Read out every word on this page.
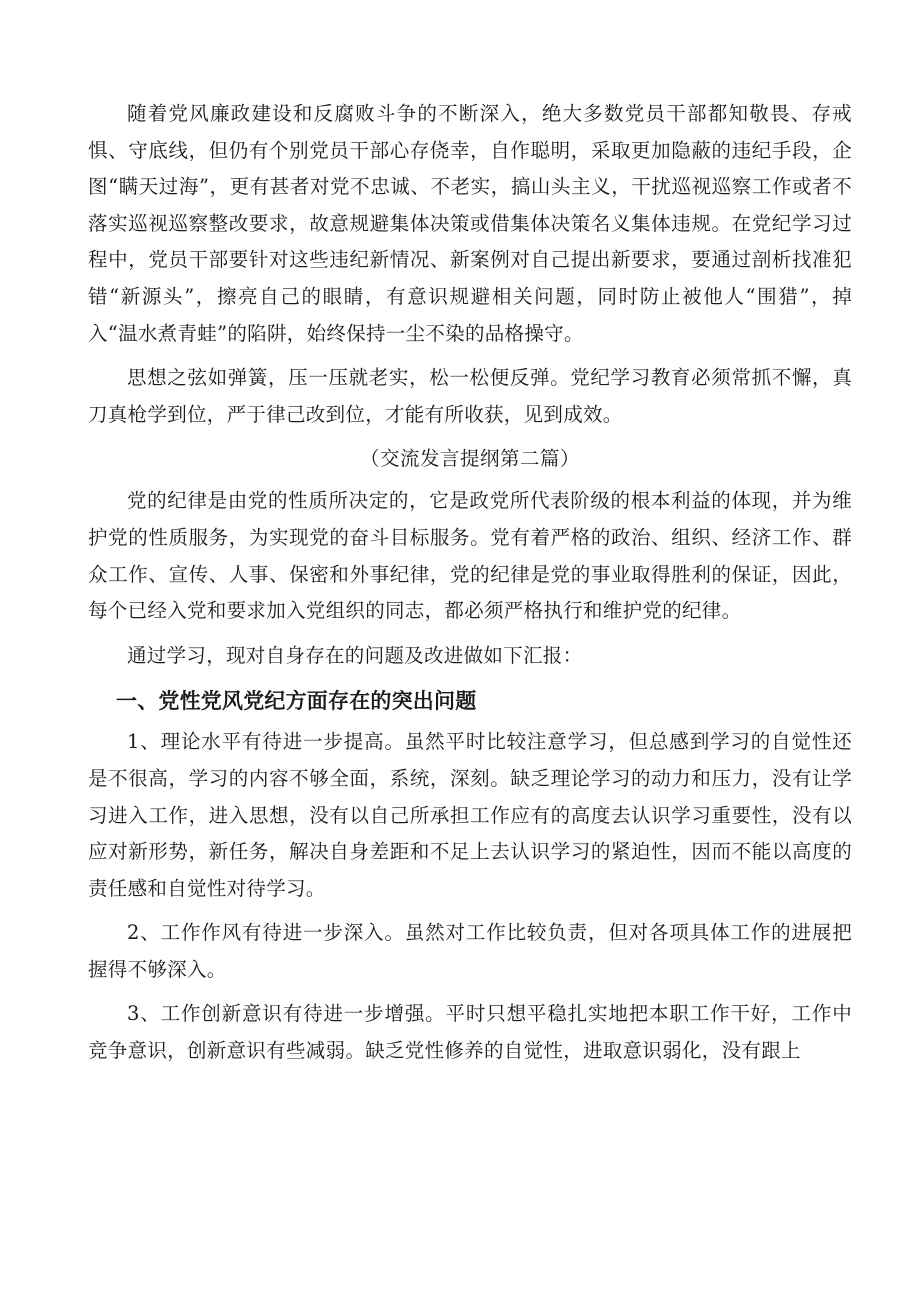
随着党风廉政建设和反腐败斗争的不断深入，绝大多数党员干部都知敬畏、存戒惧、守底线，但仍有个别党员干部心存侥幸，自作聪明，采取更加隐蔽的违纪手段，企图“瞒天过海”，更有甚者对党不忠诚、不老实，搞山头主义，干扰巡视巡察工作或者不落实巡视巡察整改要求，故意规避集体决策或借集体决策名义集体违规。在党纪学习过程中，党员干部要针对这些违纪新情况、新案例对自己提出新要求，要通过剖析找准犯错“新源头”，擦亮自己的眼睛，有意识规避相关问题，同时防止被他人“围猎”，掉入“温水煮青蛙”的陷阱，始终保持一尘不染的品格操守。

思想之弦如弹簧，压一压就老实，松一松便反弹。党纪学习教育必须常抓不懈，真刀真枪学到位，严于律己改到位，才能有所收获，见到成效。

（交流发言提纲第二篇）

党的纪律是由党的性质所决定的，它是政党所代表阶级的根本利益的体现，并为维护党的性质服务，为实现党的奋斗目标服务。党有着严格的政治、组织、经济工作、群众工作、宣传、人事、保密和外事纪律，党的纪律是党的事业取得胜利的保证，因此，每个已经入党和要求加入党组织的同志，都必须严格执行和维护党的纪律。

通过学习，现对自身存在的问题及改进做如下汇报：

一、党性党风党纪方面存在的突出问题

1、理论水平有待进一步提高。虽然平时比较注意学习，但总感到学习的自觉性还是不很高，学习的内容不够全面，系统，深刻。缺乏理论学习的动力和压力，没有让学习进入工作，进入思想，没有以自己所承担工作应有的高度去认识学习重要性，没有以应对新形势，新任务，解决自身差距和不足上去认识学习的紧迫性，因而不能以高度的责任感和自觉性对待学习。

2、工作作风有待进一步深入。虽然对工作比较负责，但对各项具体工作的进展把握得不够深入。

3、工作创新意识有待进一步增强。平时只想平稳扎实地把本职工作干好，工作中竞争意识，创新意识有些减弱。缺乏党性修养的自觉性，进取意识弱化，没有跟上
